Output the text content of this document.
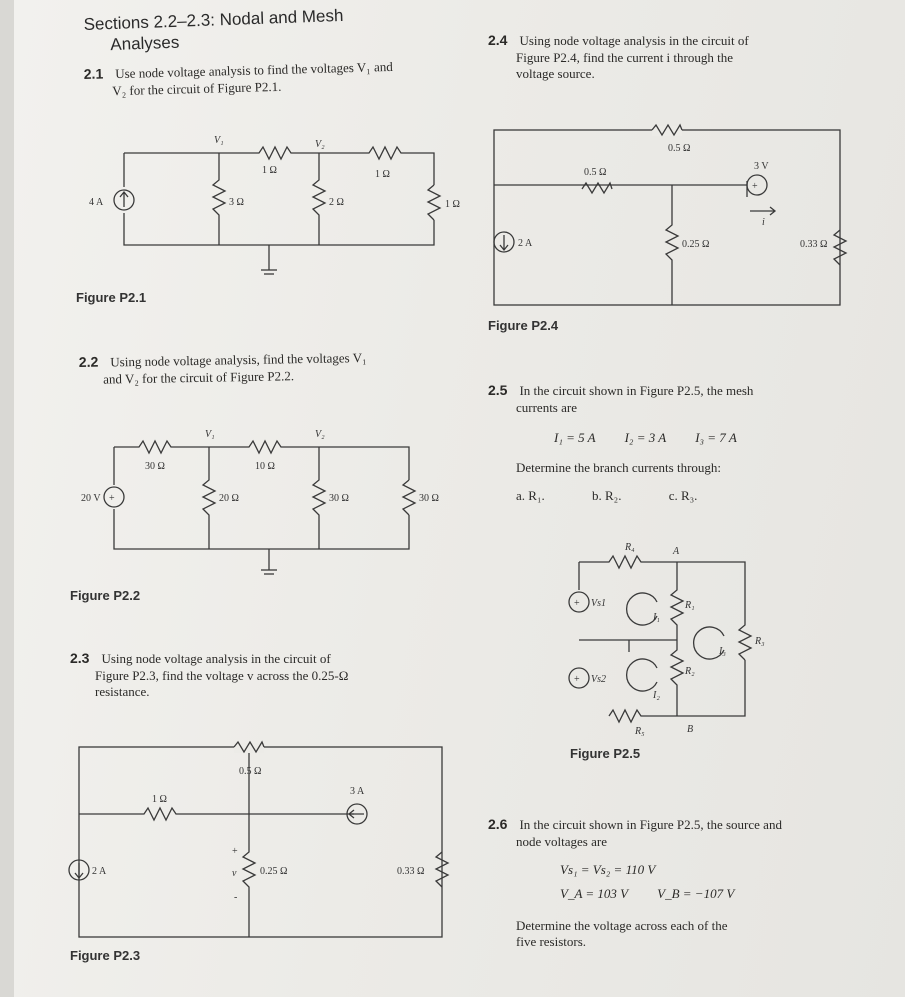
Sections 2.2–2.3: Nodal and Mesh
Analyses
2.1 Use node voltage analysis to find the voltages V₁ and
V₂ for the circuit of Figure P2.1.
4 A
V₁	V₂
1 Ω	1 Ω
3 Ω	2 Ω	1 Ω
Figure P2.1
2.2 Using node voltage analysis, find the voltages V₁
and V₂ for the circuit of Figure P2.2.
+
20 V
V₁	V₂
30 Ω	10 Ω
20 Ω	30 Ω	30 Ω
Figure P2.2
2.3 Using node voltage analysis in the circuit of
Figure P2.3, find the voltage v across the 0.25-Ω
resistance.
0.5 Ω
1 Ω
3 A
2 A
+
v
-
0.25 Ω	0.33 Ω
Figure P2.3
2.4 Using node voltage analysis in the circuit of
Figure P2.4, find the current i through the
voltage source.
+
0.5 Ω
0.5 Ω
2 A	0.25 Ω	0.33 Ω
3 V
i
Figure P2.4
2.5 In the circuit shown in Figure P2.5, the mesh
currents are
I₁ = 5 A I₂ = 3 A I₃ = 7 A
Determine the branch currents through:
a. R₁.	b. R₂.	c. R₃.
+
+
R₄	A
Vs1
Vs2
R₁
R₂
R₃
R₅	B
I₁
I₂
I₃
Figure P2.5
2.6 In the circuit shown in Figure P2.5, the source and
node voltages are
Vs₁ = Vs₂ = 110 V
V_A = 103 V V_B = −107 V
Determine the voltage across each of the
five resistors.
